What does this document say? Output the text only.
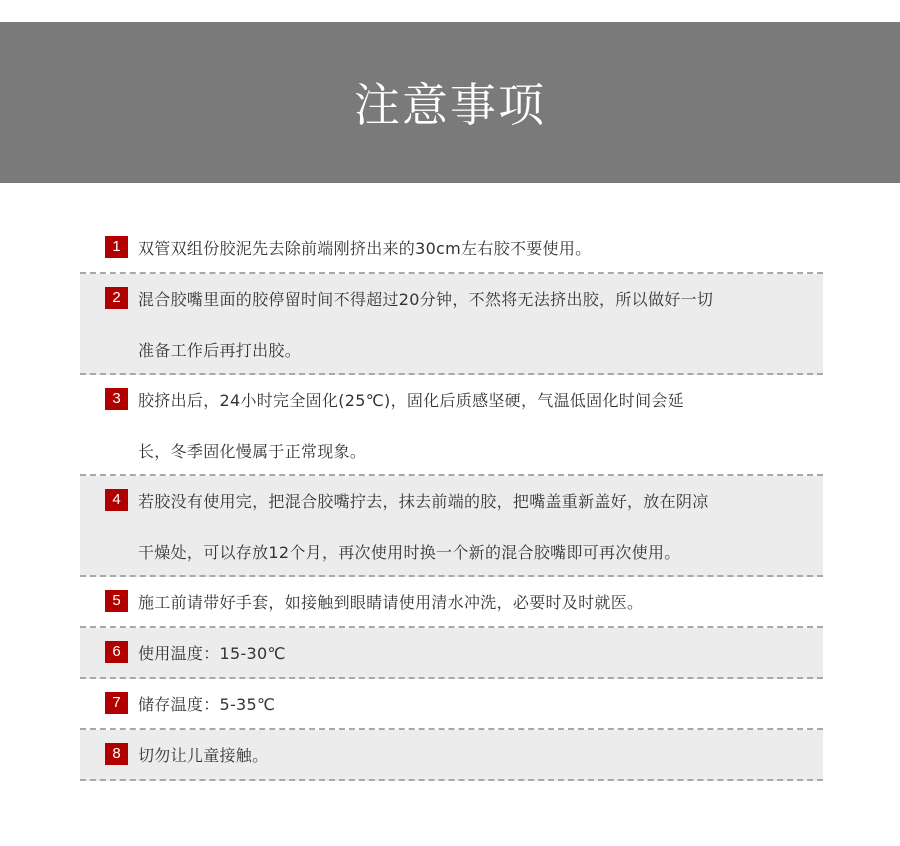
注意事项
1	双管双组份胶泥先去除前端刚挤出来的30cm左右胶不要使用。
2	混合胶嘴里面的胶停留时间不得超过20分钟，不然将无法挤出胶，所以做好一切
准备工作后再打出胶。
3	胶挤出后，24小时完全固化(25℃)，固化后质感坚硬，气温低固化时间会延
长，冬季固化慢属于正常现象。
4	若胶没有使用完，把混合胶嘴拧去，抹去前端的胶，把嘴盖重新盖好，放在阴凉
干燥处，可以存放12个月，再次使用时换一个新的混合胶嘴即可再次使用。
5	施工前请带好手套，如接触到眼睛请使用清水冲洗，必要时及时就医。
6	使用温度：15-30℃
7	储存温度：5-35℃
8	切勿让儿童接触。
